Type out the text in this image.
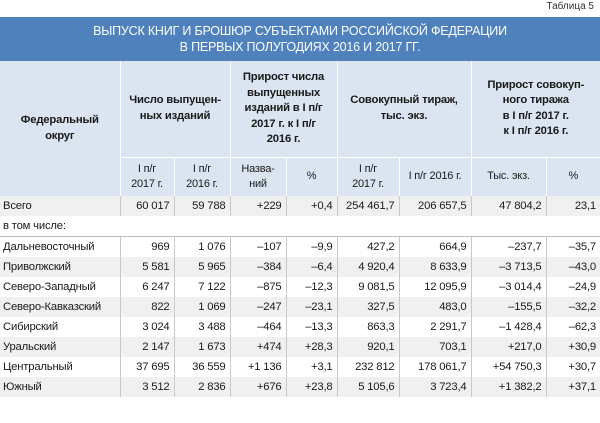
Таблица 5
ВЫПУСК КНИГ И БРОШЮР СУБЪЕКТАМИ РОССИЙСКОЙ ФЕДЕРАЦИИ
В ПЕРВЫХ ПОЛУГОДИЯХ 2016 И 2017 ГГ.								

Федеральный
округ	Число выпущен-
ных изданий		Прирост числа
выпущенных
изданий в I п/г
2017 г. к I п/г
2016 г.		Совокупный тираж,
тыс. экз.		Прирост совокуп-
ного тиража
в I п/г 2017 г.
к I п/г 2016 г.	

	I п/г
2017 г.	I п/г
2016 г.	Назва-
ний	%	I п/г
2017 г.	I п/г 2016 г.	Тыс. экз.	%

Всего	60 017	59 788	+229	+0,4	254 461,7	206 657,5	47 804,2	23,1
в том числе:								
Дальневосточный	969	1 076	–107	–9,9	427,2	664,9	–237,7	–35,7
Приволжский	5 581	5 965	–384	–6,4	4 920,4	8 633,9	–3 713,5	–43,0
Северо-Западный	6 247	7 122	–875	–12,3	9 081,5	12 095,9	–3 014,4	–24,9
Северо-Кавказский	822	1 069	–247	–23,1	327,5	483,0	–155,5	–32,2
Сибирский	3 024	3 488	–464	–13,3	863,3	2 291,7	–1 428,4	–62,3
Уральский	2 147	1 673	+474	+28,3	920,1	703,1	+217,0	+30,9
Центральный	37 695	36 559	+1 136	+3,1	232 812	178 061,7	+54 750,3	+30,7
Южный	3 512	2 836	+676	+23,8	5 105,6	3 723,4	+1 382,2	+37,1
